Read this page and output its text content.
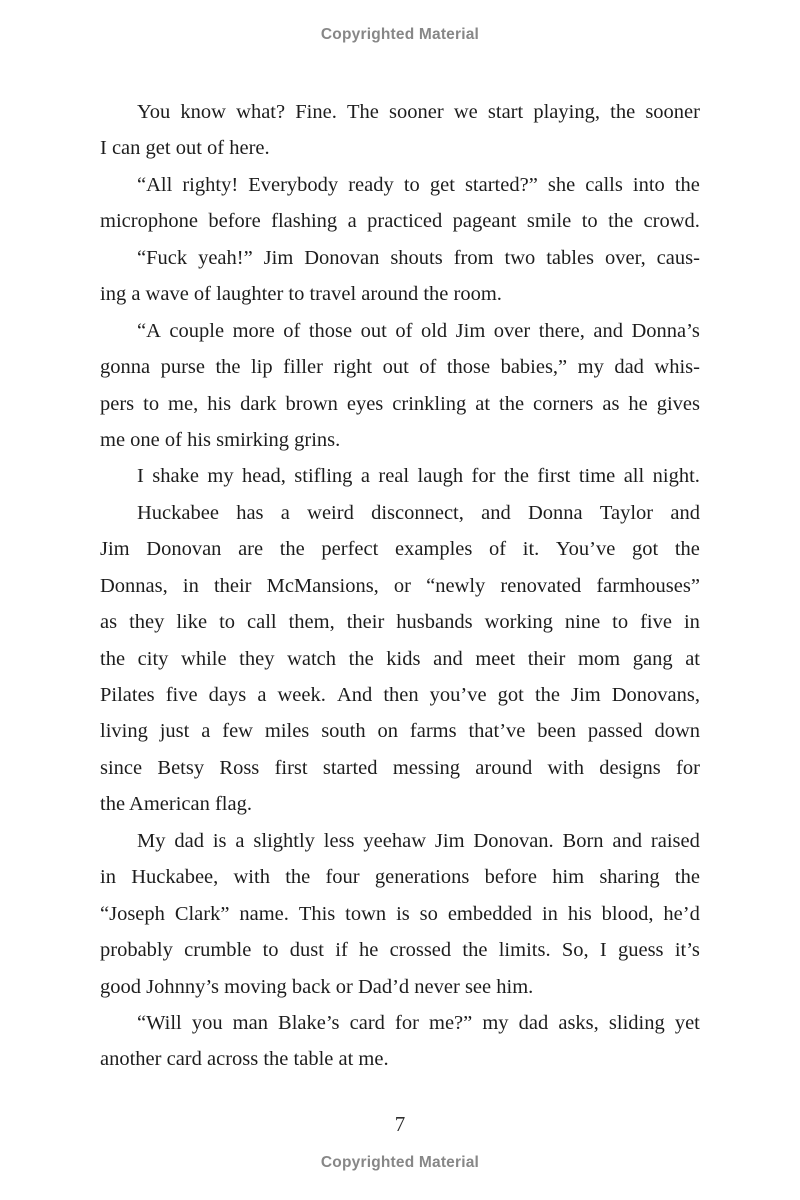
Copyrighted Material
You know what? Fine. The sooner we start playing, the sooner
I can get out of here.
“All righty! Everybody ready to get started?” she calls into the
microphone before flashing a practiced pageant smile to the crowd.
“Fuck yeah!” Jim Donovan shouts from two tables over, caus-
ing a wave of laughter to travel around the room.
“A couple more of those out of old Jim over there, and Donna’s
gonna purse the lip filler right out of those babies,” my dad whis-
pers to me, his dark brown eyes crinkling at the corners as he gives
me one of his smirking grins.
I shake my head, stifling a real laugh for the first time all night.
Huckabee has a weird disconnect, and Donna Taylor and
Jim Donovan are the perfect examples of it. You’ve got the
Donnas, in their McMansions, or “newly renovated farmhouses”
as they like to call them, their husbands working nine to five in
the city while they watch the kids and meet their mom gang at
Pilates five days a week. And then you’ve got the Jim Donovans,
living just a few miles south on farms that’ve been passed down
since Betsy Ross first started messing around with designs for
the American flag.
My dad is a slightly less yeehaw Jim Donovan. Born and raised
in Huckabee, with the four generations before him sharing the
“Joseph Clark” name. This town is so embedded in his blood, he’d
probably crumble to dust if he crossed the limits. So, I guess it’s
good Johnny’s moving back or Dad’d never see him.
“Will you man Blake’s card for me?” my dad asks, sliding yet
another card across the table at me.
7
Copyrighted Material
